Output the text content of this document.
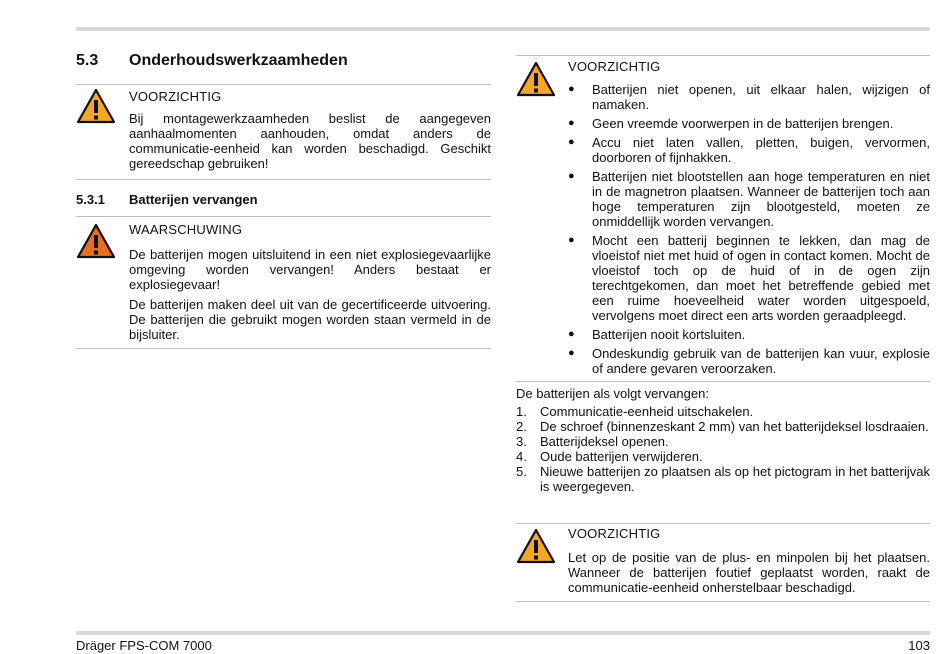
5.3 Onderhoudswerkzaamheden
VOORZICHTIG

Bij montagewerkzaamheden beslist de aangegeven aanhaalmomenten aanhouden, omdat anders de communicatie-eenheid kan worden beschadigd. Geschikt gereedschap gebruiken!

5.3.1 Batterijen vervangen
WAARSCHUWING

De batterijen mogen uitsluitend in een niet explosiegevaarlijke omgeving worden vervangen! Anders bestaat er explosiegevaar!

De batterijen maken deel uit van de gecertificeerde uitvoering. De batterijen die gebruikt mogen worden staan vermeld in de bijsluiter.

VOORZICHTIG
● Batterijen niet openen, uit elkaar halen, wijzigen of namaken.
● Geen vreemde voorwerpen in de batterijen brengen.
● Accu niet laten vallen, pletten, buigen, vervormen, doorboren of fijnhakken.
● Batterijen niet blootstellen aan hoge temperaturen en niet in de magnetron plaatsen. Wanneer de batterijen toch aan hoge temperaturen zijn blootgesteld, moeten ze onmiddellijk worden vervangen.
● Mocht een batterij beginnen te lekken, dan mag de vloeistof niet met huid of ogen in contact komen. Mocht de vloeistof toch op de huid of in de ogen zijn terechtgekomen, dan moet het betreffende gebied met een ruime hoeveelheid water worden uitgespoeld, vervolgens moet direct een arts worden geraadpleegd.
● Batterijen nooit kortsluiten.
● Ondeskundig gebruik van de batterijen kan vuur, explosie of andere gevaren veroorzaken.

De batterijen als volgt vervangen:

1. Communicatie-eenheid uitschakelen.
2. De schroef (binnenzeskant 2 mm) van het batterijdeksel losdraaien.
3. Batterijdeksel openen.
4. Oude batterijen verwijderen.
5. Nieuwe batterijen zo plaatsen als op het pictogram in het batterijvak is weergegeven.
VOORZICHTIG

Let op de positie van de plus- en minpolen bij het plaatsen. Wanneer de batterijen foutief geplaatst worden, raakt de communicatie-eenheid onherstelbaar beschadigd.

Dräger FPS-COM 7000	103
